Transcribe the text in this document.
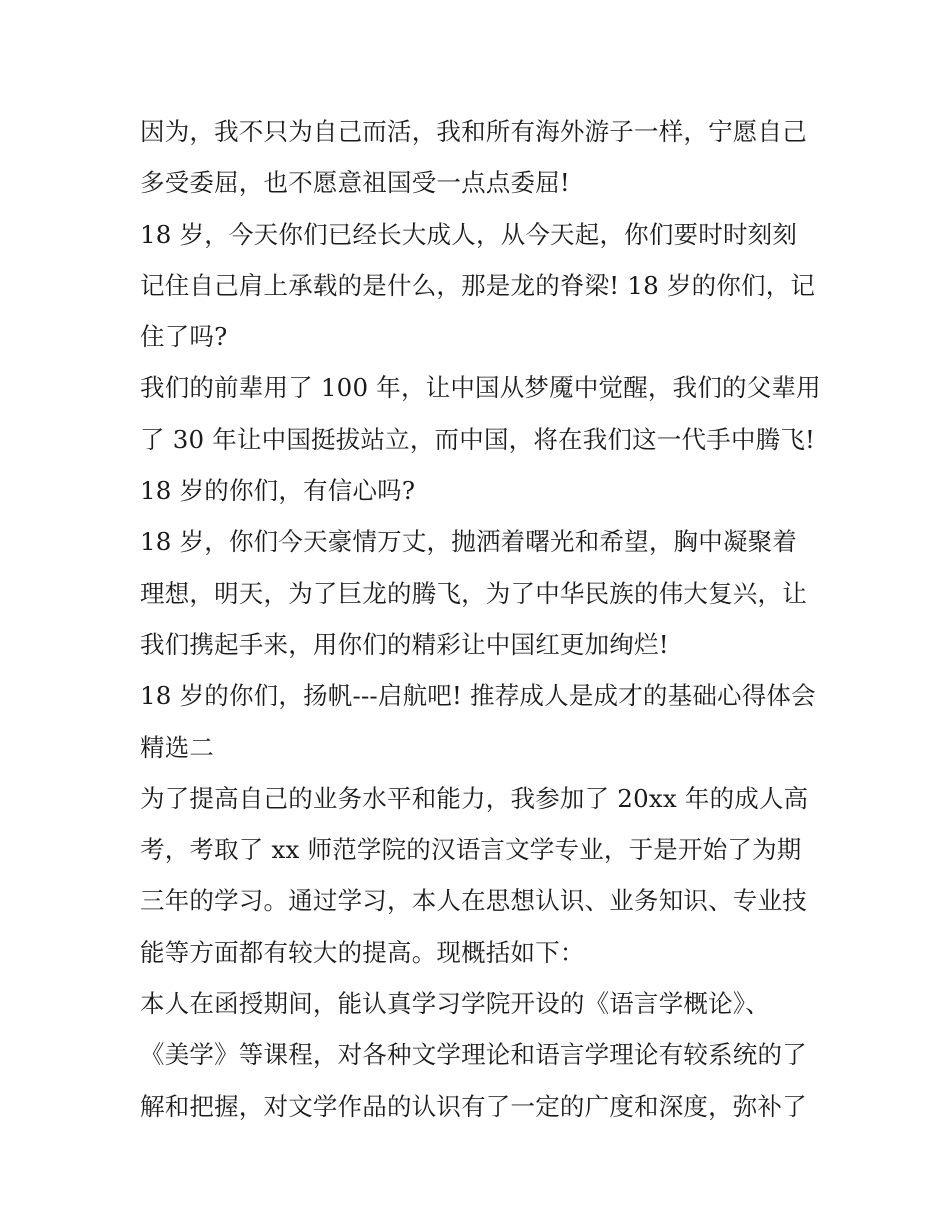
因为，我不只为自己而活，我和所有海外游子一样，宁愿自己
多受委屈，也不愿意祖国受一点点委屈!
18 岁，今天你们已经长大成人，从今天起，你们要时时刻刻
记住自己肩上承载的是什么，那是龙的脊梁! 18 岁的你们，记
住了吗?
我们的前辈用了 100 年，让中国从梦魇中觉醒，我们的父辈用
了 30 年让中国挺拔站立，而中国，将在我们这一代手中腾飞!
18 岁的你们，有信心吗?
18 岁，你们今天豪情万丈，抛洒着曙光和希望，胸中凝聚着
理想，明天，为了巨龙的腾飞，为了中华民族的伟大复兴，让
我们携起手来，用你们的精彩让中国红更加绚烂!
18 岁的你们，扬帆---启航吧! 推荐成人是成才的基础心得体会
精选二
为了提高自己的业务水平和能力，我参加了 20xx 年的成人高
考，考取了 xx 师范学院的汉语言文学专业，于是开始了为期
三年的学习。通过学习，本人在思想认识、业务知识、专业技
能等方面都有较大的提高。现概括如下：
本人在函授期间，能认真学习学院开设的《语言学概论》、
《美学》等课程，对各种文学理论和语言学理论有较系统的了
解和把握，对文学作品的认识有了一定的广度和深度，弥补了
